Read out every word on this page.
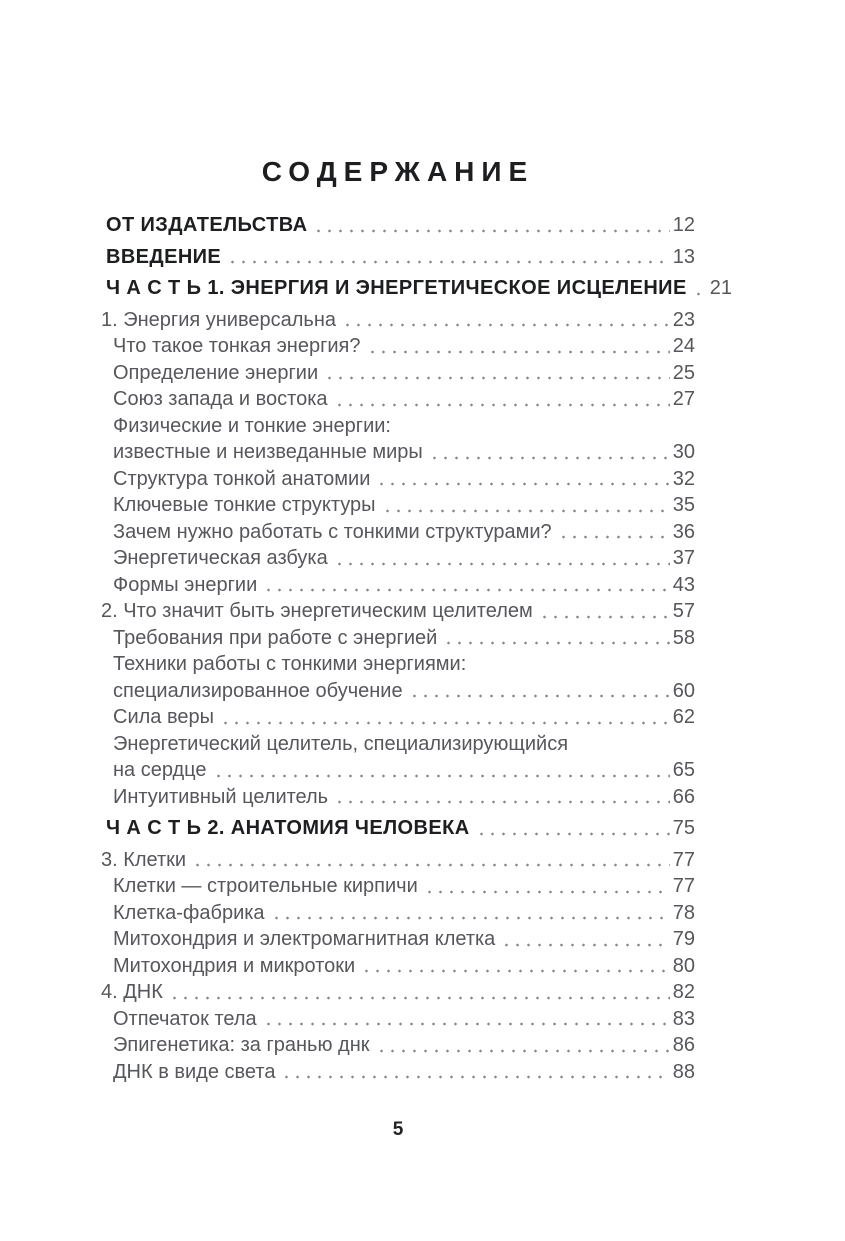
СОДЕРЖАНИЕ
ОТ ИЗДАТЕЛЬСТВА	12
ВВЕДЕНИЕ	13
Ч А С Т Ь 1. ЭНЕРГИЯ И ЭНЕРГЕТИЧЕСКОЕ ИСЦЕЛЕНИЕ 21
1. Энергия универсальна	23
Что такое тонкая энергия?	24
Определение энергии	25
Союз запада и востока	27
Физические и тонкие энергии:
известные и неизведанные миры	30
Структура тонкой анатомии	32
Ключевые тонкие структуры	35
Зачем нужно работать с тонкими структурами?	36
Энергетическая азбука	37
Формы энергии	43
2. Что значит быть энергетическим целителем	57
Требования при работе с энергией	58
Техники работы с тонкими энергиями:
специализированное обучение	60
Сила веры	62
Энергетический целитель, специализирующийся
на сердце	65
Интуитивный целитель	66
Ч А С Т Ь 2. АНАТОМИЯ ЧЕЛОВЕКА	75
3. Клетки	77
Клетки — строительные кирпичи	77
Клетка-фабрика	78
Митохондрия и электромагнитная клетка	79
Митохондрия и микротоки	80
4. ДНК	82
Отпечаток тела	83
Эпигенетика: за гранью днк	86
ДНК в виде света	88
5
